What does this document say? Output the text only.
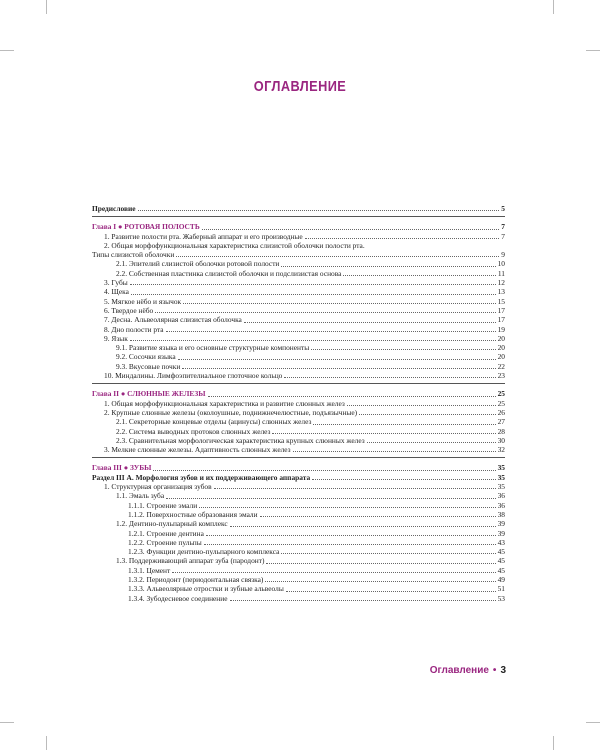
ОГЛАВЛЕНИЕ
Предисловие	5
Глава I ● РОТОВАЯ ПОЛОСТЬ	7
1. Развитие полости рта. Жаберный аппарат и его производные	7
2. Общая морфофункциональная характеристика слизистой оболочки полости рта.
Типы слизистой оболочки	9
2.1. Эпителий слизистой оболочки ротовой полости	10
2.2. Собственная пластинка слизистой оболочки и подслизистая основа	11
3. Губы	12
4. Щека	13
5. Мягкое нёбо и язычок	15
6. Твердое нёбо	17
7. Десна. Альвеолярная слизистая оболочка	17
8. Дно полости рта	19
9. Язык	20
9.1. Развитие языка и его основные структурные компоненты	20
9.2. Сосочки языка	20
9.3. Вкусовые почки	22
10. Миндалины. Лимфоэпителиальное глоточное кольцо	23
Глава II ● СЛЮННЫЕ ЖЕЛЕЗЫ	25
1. Общая морфофункциональная характеристика и развитие слюнных желез	25
2. Крупные слюнные железы (околоушные, поднижнечелюстные, подъязычные)	26
2.1. Секреторные концевые отделы (ацинусы) слюнных желез	27
2.2. Система выводных протоков слюнных желез	28
2.3. Сравнительная морфологическая характеристика крупных слюнных желез	30
3. Мелкие слюнные железы. Адаптивность слюнных желез	32
Глава III ● ЗУБЫ	35
Раздел III А. Морфология зубов и их поддерживающего аппарата	35
1. Структурная организация зубов	35
1.1. Эмаль зуба	36
1.1.1. Строение эмали	36
1.1.2. Поверхностные образования эмали	38
1.2. Дентино-пульпарный комплекс	39
1.2.1. Строение дентина	39
1.2.2. Строение пульпы	43
1.2.3. Функции дентино-пульпарного комплекса	45
1.3. Поддерживающий аппарат зуба (пародонт)	45
1.3.1. Цемент	45
1.3.2. Периодонт (периодонтальная связка)	49
1.3.3. Альвеолярные отростки и зубные альвеолы	51
1.3.4. Зубодесневое соединение	53
Оглавление • 3
